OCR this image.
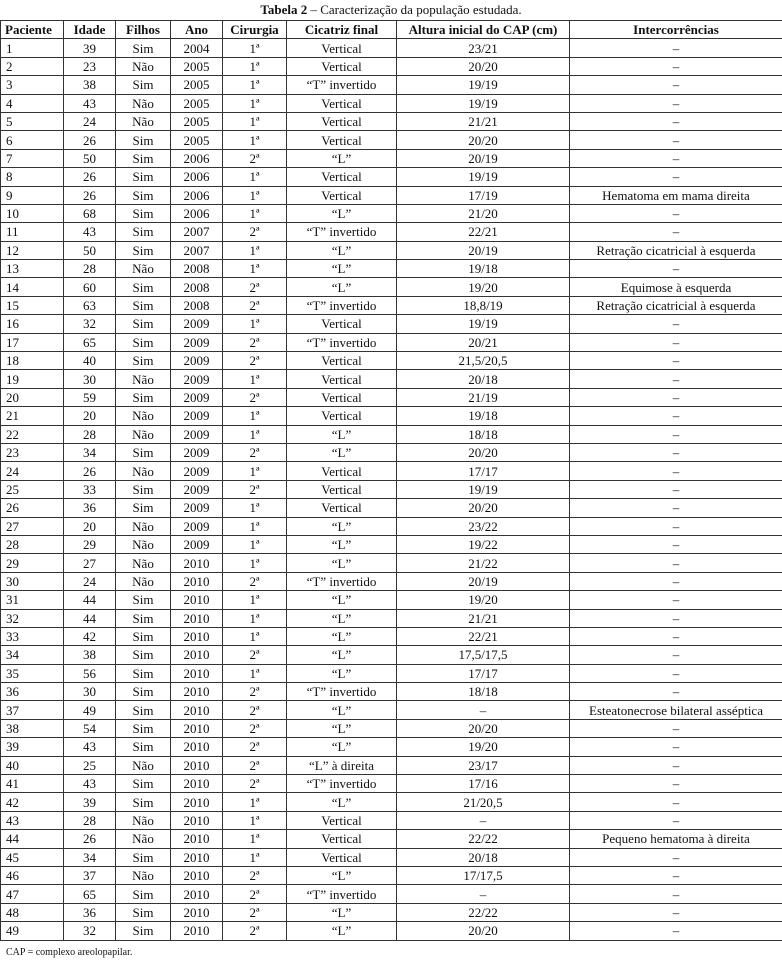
Tabela 2 – Caracterização da população estudada.
Paciente	Idade	Filhos	Ano	Cirurgia	Cicatriz final	Altura inicial do CAP (cm)	Intercorrências
1	39	Sim	2004	1ª	Vertical	23/21	–
2	23	Não	2005	1ª	Vertical	20/20	–
3	38	Sim	2005	1ª	“T” invertido	19/19	–
4	43	Não	2005	1ª	Vertical	19/19	–
5	24	Não	2005	1ª	Vertical	21/21	–
6	26	Sim	2005	1ª	Vertical	20/20	–
7	50	Sim	2006	2ª	“L”	20/19	–
8	26	Sim	2006	1ª	Vertical	19/19	–
9	26	Sim	2006	1ª	Vertical	17/19	Hematoma em mama direita
10	68	Sim	2006	1ª	“L”	21/20	–
11	43	Sim	2007	2ª	“T” invertido	22/21	–
12	50	Sim	2007	1ª	“L”	20/19	Retração cicatricial à esquerda
13	28	Não	2008	1ª	“L”	19/18	–
14	60	Sim	2008	2ª	“L”	19/20	Equimose à esquerda
15	63	Sim	2008	2ª	“T” invertido	18,8/19	Retração cicatricial à esquerda
16	32	Sim	2009	1ª	Vertical	19/19	–
17	65	Sim	2009	2ª	“T” invertido	20/21	–
18	40	Sim	2009	2ª	Vertical	21,5/20,5	–
19	30	Não	2009	1ª	Vertical	20/18	–
20	59	Sim	2009	2ª	Vertical	21/19	–
21	20	Não	2009	1ª	Vertical	19/18	–
22	28	Não	2009	1ª	“L”	18/18	–
23	34	Sim	2009	2ª	“L”	20/20	–
24	26	Não	2009	1ª	Vertical	17/17	–
25	33	Sim	2009	2ª	Vertical	19/19	–
26	36	Sim	2009	1ª	Vertical	20/20	–
27	20	Não	2009	1ª	“L”	23/22	–
28	29	Não	2009	1ª	“L”	19/22	–
29	27	Não	2010	1ª	“L”	21/22	–
30	24	Não	2010	2ª	“T” invertido	20/19	–
31	44	Sim	2010	1ª	“L”	19/20	–
32	44	Sim	2010	1ª	“L”	21/21	–
33	42	Sim	2010	1ª	“L”	22/21	–
34	38	Sim	2010	2ª	“L”	17,5/17,5	–
35	56	Sim	2010	1ª	“L”	17/17	–
36	30	Sim	2010	2ª	“T” invertido	18/18	–
37	49	Sim	2010	2ª	“L”	–	Esteatonecrose bilateral asséptica
38	54	Sim	2010	2ª	“L”	20/20	–
39	43	Sim	2010	2ª	“L”	19/20	–
40	25	Não	2010	2ª	“L” à direita	23/17	–
41	43	Sim	2010	2ª	“T” invertido	17/16	–
42	39	Sim	2010	1ª	“L”	21/20,5	–
43	28	Não	2010	1ª	Vertical	–	–
44	26	Não	2010	1ª	Vertical	22/22	Pequeno hematoma à direita
45	34	Sim	2010	1ª	Vertical	20/18	–
46	37	Não	2010	2ª	“L”	17/17,5	–
47	65	Sim	2010	2ª	“T” invertido	–	–
48	36	Sim	2010	2ª	“L”	22/22	–
49	32	Sim	2010	2ª	“L”	20/20	–
CAP = complexo areolopapilar.
